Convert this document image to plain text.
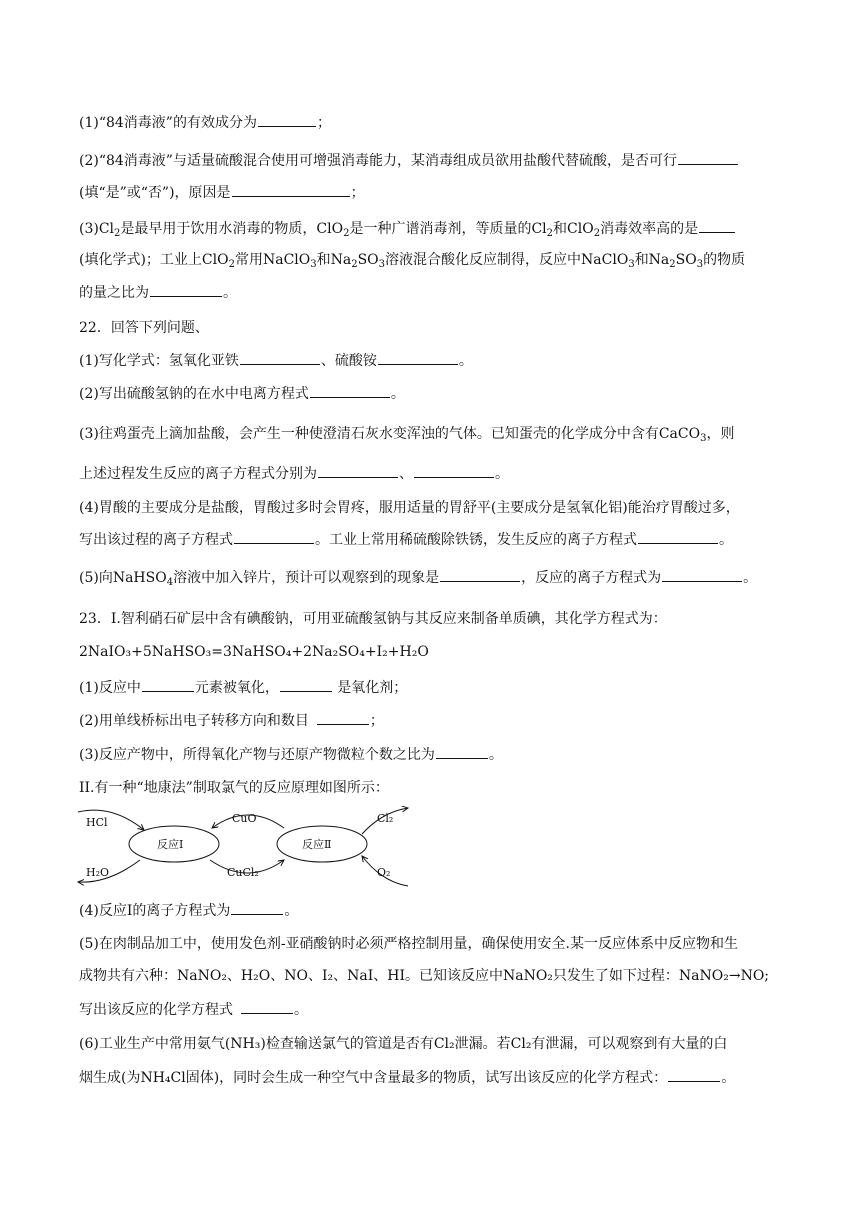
(1)“84消毒液”的有效成分为	；
(2)“84消毒液”与适量硫酸混合使用可增强消毒能力，某消毒组成员欲用盐酸代替硫酸，是否可行
(填“是”或“否”)，原因是	；
$(3)Cl_2$是最早用于饮用水消毒的物质，ClO$_2$是一种广谱消毒剂，等质量的$Cl_2$和ClO$_2$消毒效率高的是
(填化学式)；工业上ClO$_2$常用NaClO$_3$和$Na_2SO_3$溶液混合酸化反应制得，反应中NaClO$_3$和$Na_2SO_3$的物质
的量之比为	。
22．回答下列问题、
(1)写化学式：氢氧化亚铁	、硫酸铵	。
(2)写出硫酸氢钠的在水中电离方程式	。
(3)往鸡蛋壳上滴加盐酸，会产生一种使澄清石灰水变浑浊的气体。已知蛋壳的化学成分中含有CaCO$_3$，则
上述过程发生反应的离子方程式分别为	、	。
(4)胃酸的主要成分是盐酸，胃酸过多时会胃疼，服用适量的胃舒平(主要成分是氢氧化铝)能治疗胃酸过多，
写出该过程的离子方程式	。工业上常用稀硫酸除铁锈，发生反应的离子方程式	。
(5)向NaHSO$_4$溶液中加入锌片，预计可以观察到的现象是	，反应的离子方程式为	。
23．I.智利硝石矿层中含有碘酸钠，可用亚硫酸氢钠与其反应来制备单质碘，其化学方程式为：
2NaIO₃+5NaHSO₃=3NaHSO₄+2Na₂SO₄+I₂+H₂O
(1)反应中	元素被氧化，	是氧化剂；
(2)用单线桥标出电子转移方向和数目	；
(3)反应产物中，所得氧化产物与还原产物微粒个数之比为	。
II.有一种“地康法”制取氯气的反应原理如图所示：
反应Ⅰ	反应Ⅱ
HCl
H₂O
CuO
CuCl₂
Cl₂
O₂
(4)反应I的离子方程式为	。
(5)在肉制品加工中，使用发色剂-亚硝酸钠时必须严格控制用量，确保使用安全.某一反应体系中反应物和生
成物共有六种：NaNO₂、H₂O、NO、I₂、NaI、HI。已知该反应中NaNO₂只发生了如下过程：NaNO₂→NO;
写出该反应的化学方程式	。
(6)工业生产中常用氨气(NH₃)检查输送氯气的管道是否有Cl₂泄漏。若Cl₂有泄漏，可以观察到有大量的白
烟生成(为NH₄Cl固体)，同时会生成一种空气中含量最多的物质，试写出该反应的化学方程式：	。
